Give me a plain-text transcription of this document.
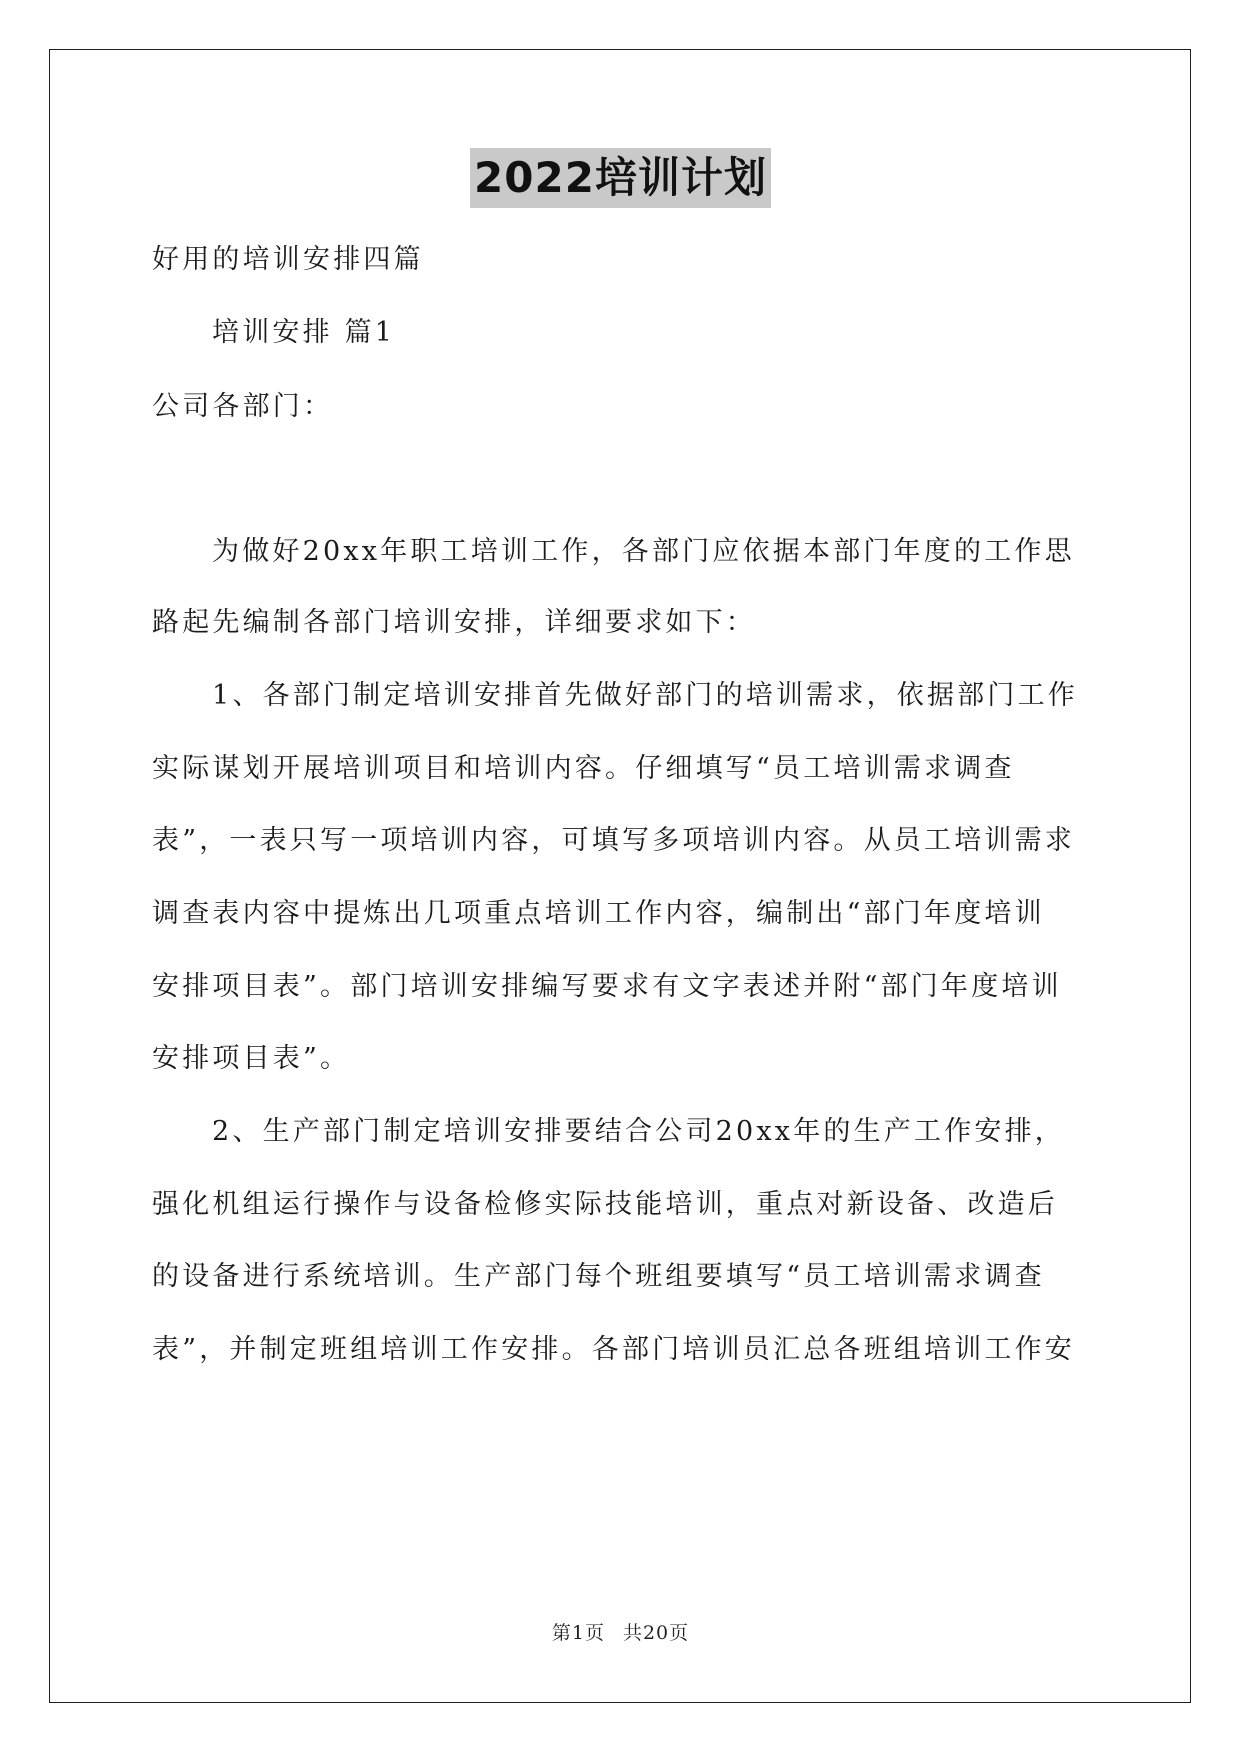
2022培训计划
好用的培训安排四篇
培训安排 篇1
公司各部门：
为做好20xx年职工培训工作，各部门应依据本部门年度的工作思
路起先编制各部门培训安排，详细要求如下：
1、各部门制定培训安排首先做好部门的培训需求，依据部门工作
实际谋划开展培训项目和培训内容。仔细填写“员工培训需求调查
表”，一表只写一项培训内容，可填写多项培训内容。从员工培训需求
调查表内容中提炼出几项重点培训工作内容，编制出“部门年度培训
安排项目表”。部门培训安排编写要求有文字表述并附“部门年度培训
安排项目表”。
2、生产部门制定培训安排要结合公司20xx年的生产工作安排，
强化机组运行操作与设备检修实际技能培训，重点对新设备、改造后
的设备进行系统培训。生产部门每个班组要填写“员工培训需求调查
表”，并制定班组培训工作安排。各部门培训员汇总各班组培训工作安
第1页 共20页
